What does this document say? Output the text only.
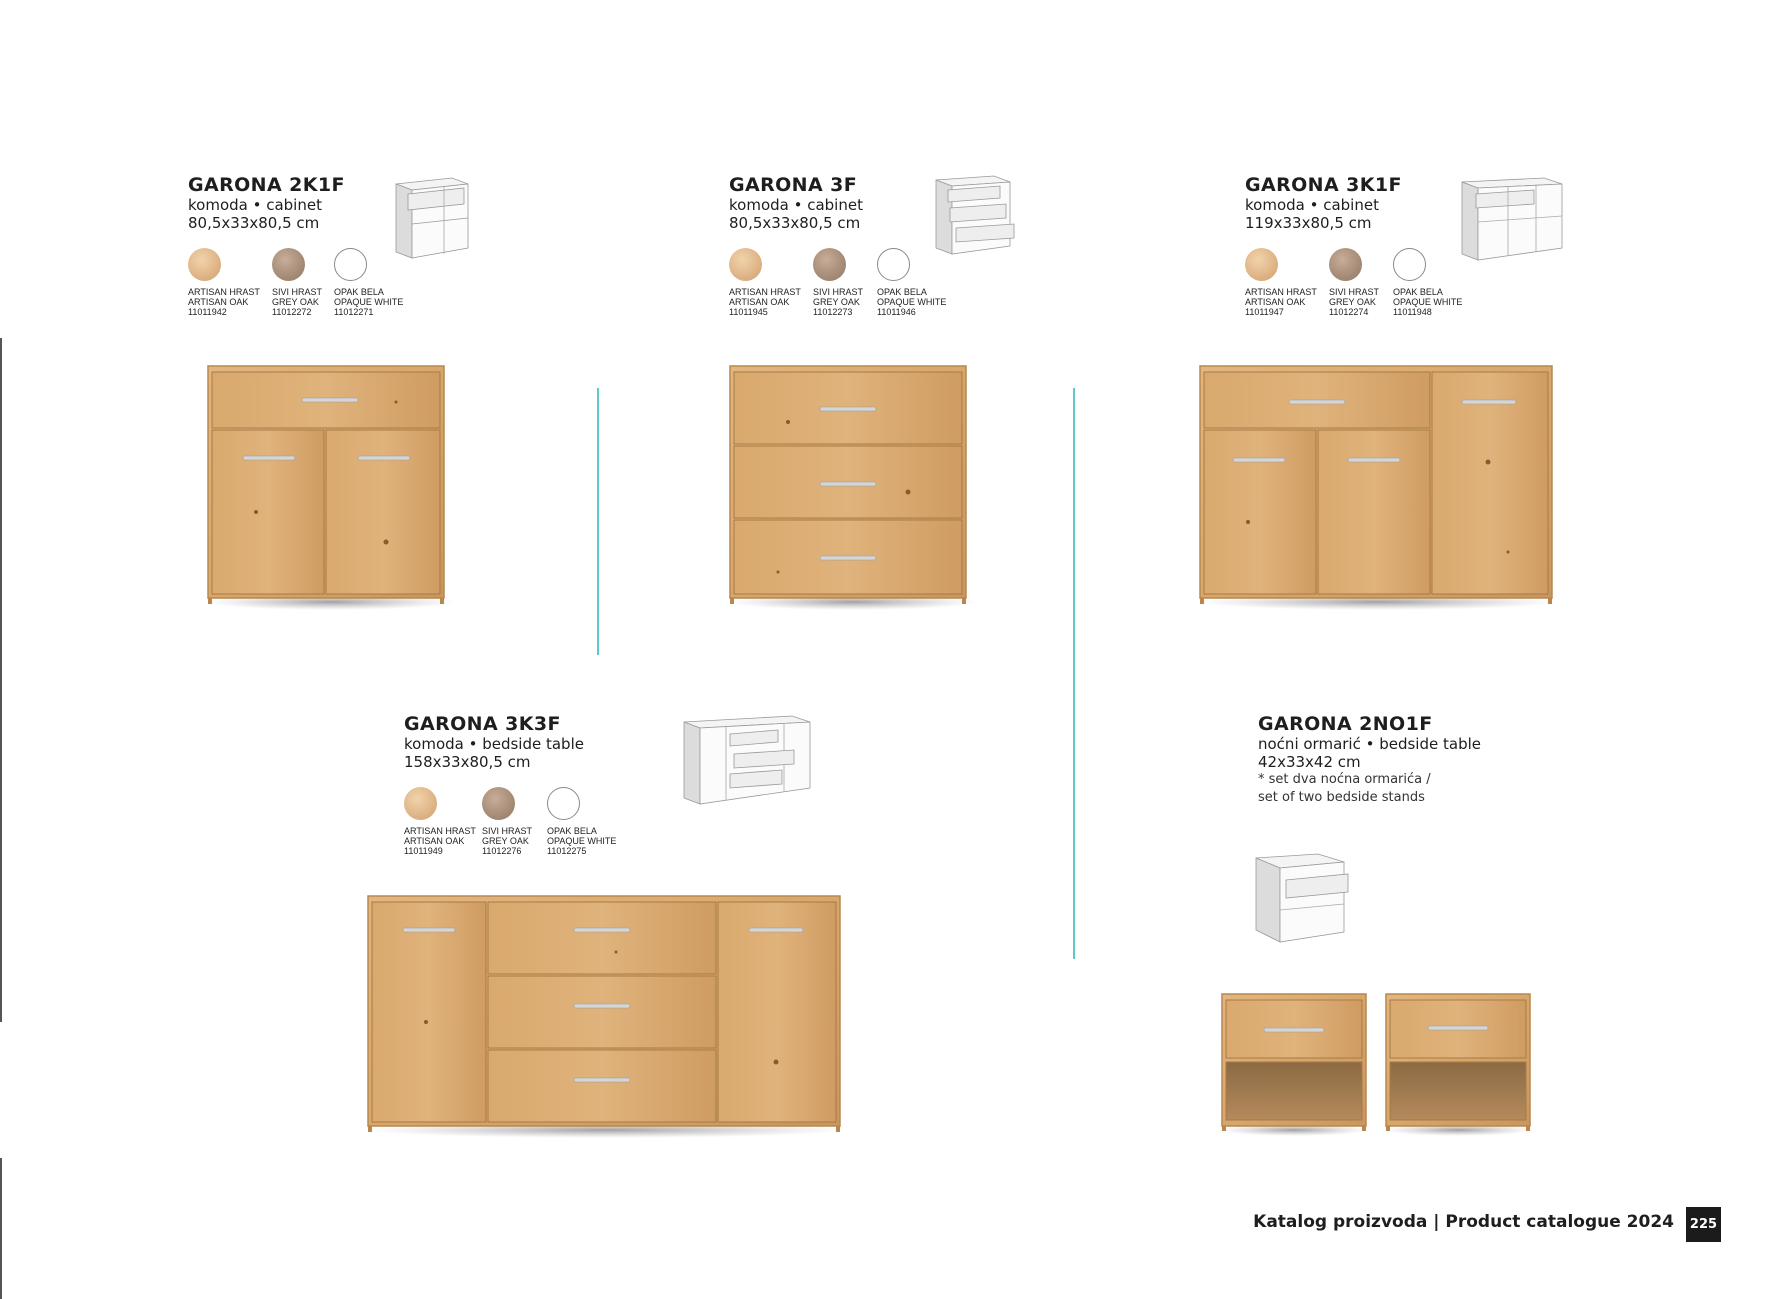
GARONA 2K1F
komoda • cabinet
80,5x33x80,5 cm
ARTISAN HRAST
ARTISAN OAK
11011942
SIVI HRAST
GREY OAK
11012272
OPAK BELA
OPAQUE WHITE
11012271
GARONA 3F
komoda • cabinet
80,5x33x80,5 cm
ARTISAN HRAST
ARTISAN OAK
11011945
SIVI HRAST
GREY OAK
11012273
OPAK BELA
OPAQUE WHITE
11011946
GARONA 3K1F
komoda • cabinet
119x33x80,5 cm
ARTISAN HRAST
ARTISAN OAK
11011947
SIVI HRAST
GREY OAK
11012274
OPAK BELA
OPAQUE WHITE
11011948
GARONA 3K3F
komoda • bedside table
158x33x80,5 cm
ARTISAN HRAST
ARTISAN OAK
11011949
SIVI HRAST
GREY OAK
11012276
OPAK BELA
OPAQUE WHITE
11012275
GARONA 2NO1F
noćni ormarić • bedside table
42x33x42 cm
* set dva noćna ormarića /
set of two bedside stands
Katalog proizvoda | Product catalogue 2024	225
